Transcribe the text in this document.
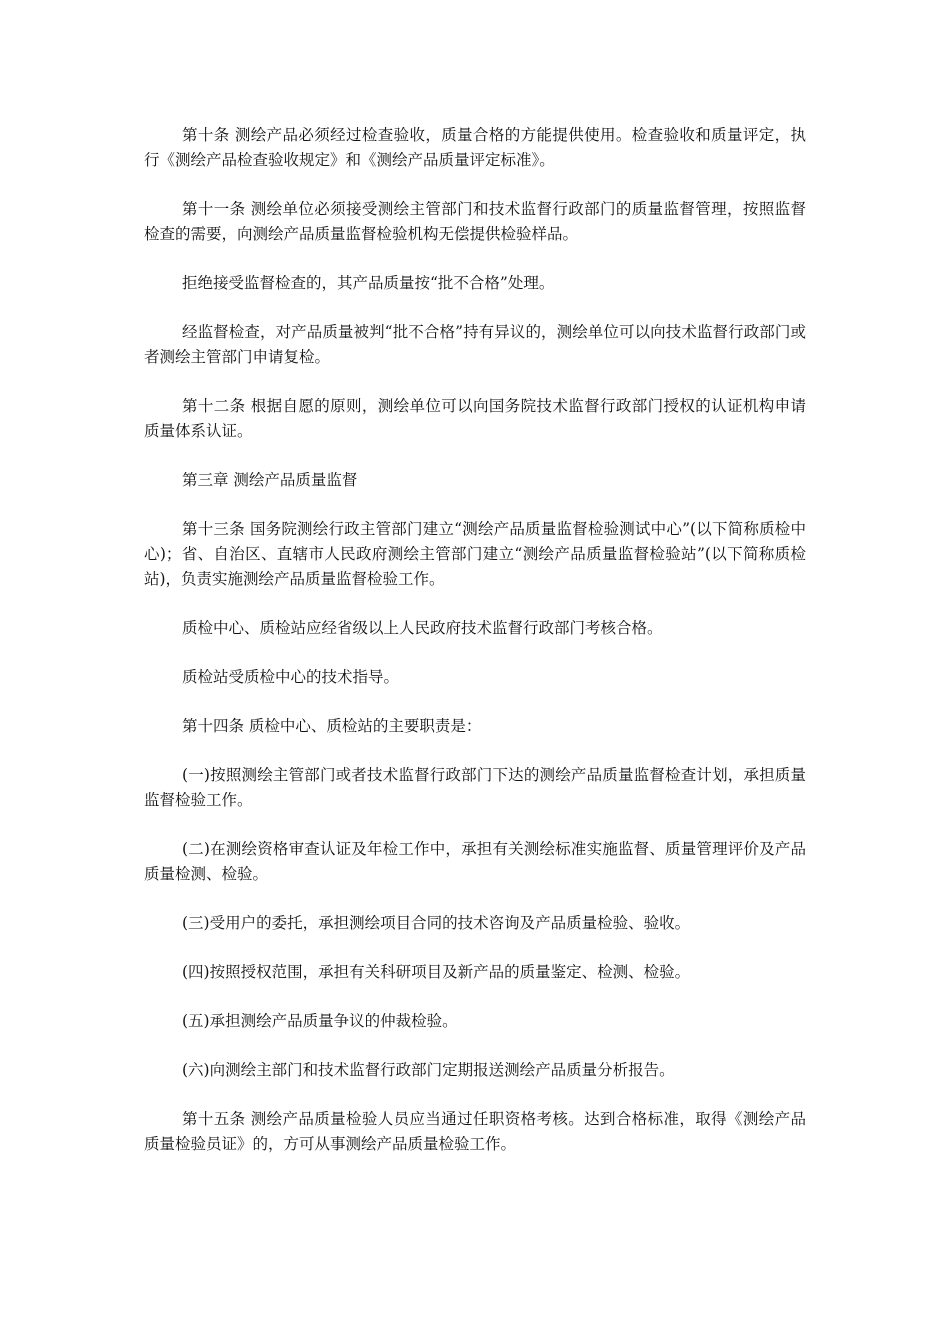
第十条 测绘产品必须经过检查验收，质量合格的方能提供使用。检查验收和质量评定，执行《测绘产品检查验收规定》和《测绘产品质量评定标准》。

第十一条 测绘单位必须接受测绘主管部门和技术监督行政部门的质量监督管理，按照监督检查的需要，向测绘产品质量监督检验机构无偿提供检验样品。

拒绝接受监督检查的，其产品质量按“批不合格”处理。

经监督检查，对产品质量被判“批不合格”持有异议的，测绘单位可以向技术监督行政部门或者测绘主管部门申请复检。

第十二条 根据自愿的原则，测绘单位可以向国务院技术监督行政部门授权的认证机构申请质量体系认证。

第三章 测绘产品质量监督

第十三条 国务院测绘行政主管部门建立“测绘产品质量监督检验测试中心”(以下简称质检中心)；省、自治区、直辖市人民政府测绘主管部门建立“测绘产品质量监督检验站”(以下简称质检站)，负责实施测绘产品质量监督检验工作。

质检中心、质检站应经省级以上人民政府技术监督行政部门考核合格。

质检站受质检中心的技术指导。

第十四条 质检中心、质检站的主要职责是：

(一)按照测绘主管部门或者技术监督行政部门下达的测绘产品质量监督检查计划，承担质量监督检验工作。

(二)在测绘资格审查认证及年检工作中，承担有关测绘标准实施监督、质量管理评价及产品质量检测、检验。

(三)受用户的委托，承担测绘项目合同的技术咨询及产品质量检验、验收。

(四)按照授权范围，承担有关科研项目及新产品的质量鉴定、检测、检验。

(五)承担测绘产品质量争议的仲裁检验。

(六)向测绘主部门和技术监督行政部门定期报送测绘产品质量分析报告。

第十五条 测绘产品质量检验人员应当通过任职资格考核。达到合格标准，取得《测绘产品质量检验员证》的，方可从事测绘产品质量检验工作。
